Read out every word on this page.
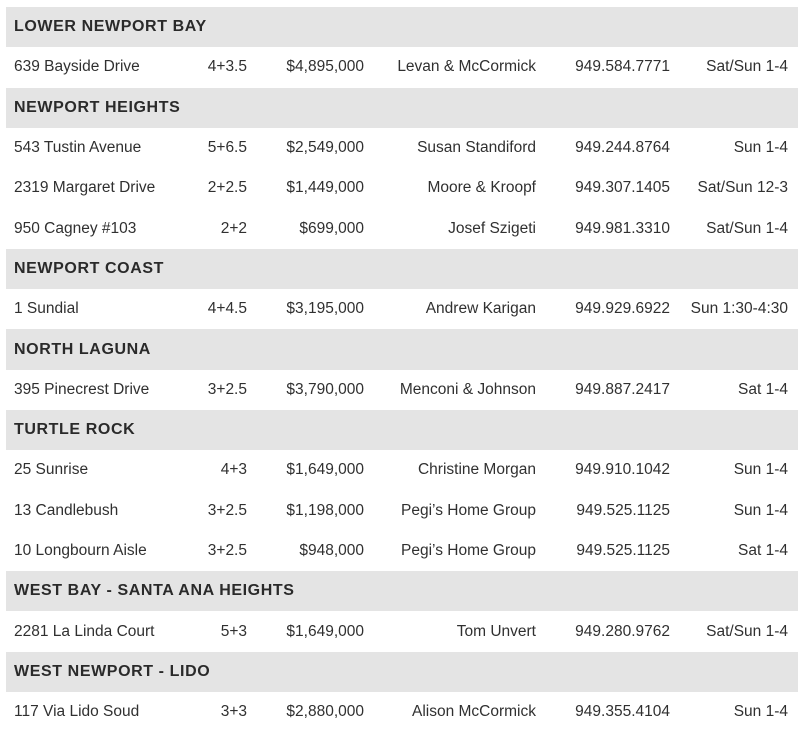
LOWER NEWPORT BAY
639 Bayside Drive	4+3.5	$4,895,000	Levan & McCormick	949.584.7771	Sat/Sun 1-4
NEWPORT HEIGHTS
543 Tustin Avenue	5+6.5	$2,549,000	Susan Standiford	949.244.8764	Sun 1-4
2319 Margaret Drive	2+2.5	$1,449,000	Moore & Kroopf	949.307.1405	Sat/Sun 12-3
950 Cagney #103	2+2	$699,000	Josef Szigeti	949.981.3310	Sat/Sun 1-4
NEWPORT COAST
1 Sundial	4+4.5	$3,195,000	Andrew Karigan	949.929.6922	Sun 1:30-4:30
NORTH LAGUNA
395 Pinecrest Drive	3+2.5	$3,790,000	Menconi & Johnson	949.887.2417	Sat 1-4
TURTLE ROCK
25 Sunrise	4+3	$1,649,000	Christine Morgan	949.910.1042	Sun 1-4
13 Candlebush	3+2.5	$1,198,000	Pegi’s Home Group	949.525.1125	Sun 1-4
10 Longbourn Aisle	3+2.5	$948,000	Pegi’s Home Group	949.525.1125	Sat 1-4
WEST BAY - SANTA ANA HEIGHTS
2281 La Linda Court	5+3	$1,649,000	Tom Unvert	949.280.9762	Sat/Sun 1-4
WEST NEWPORT - LIDO
117 Via Lido Soud	3+3	$2,880,000	Alison McCormick	949.355.4104	Sun 1-4
